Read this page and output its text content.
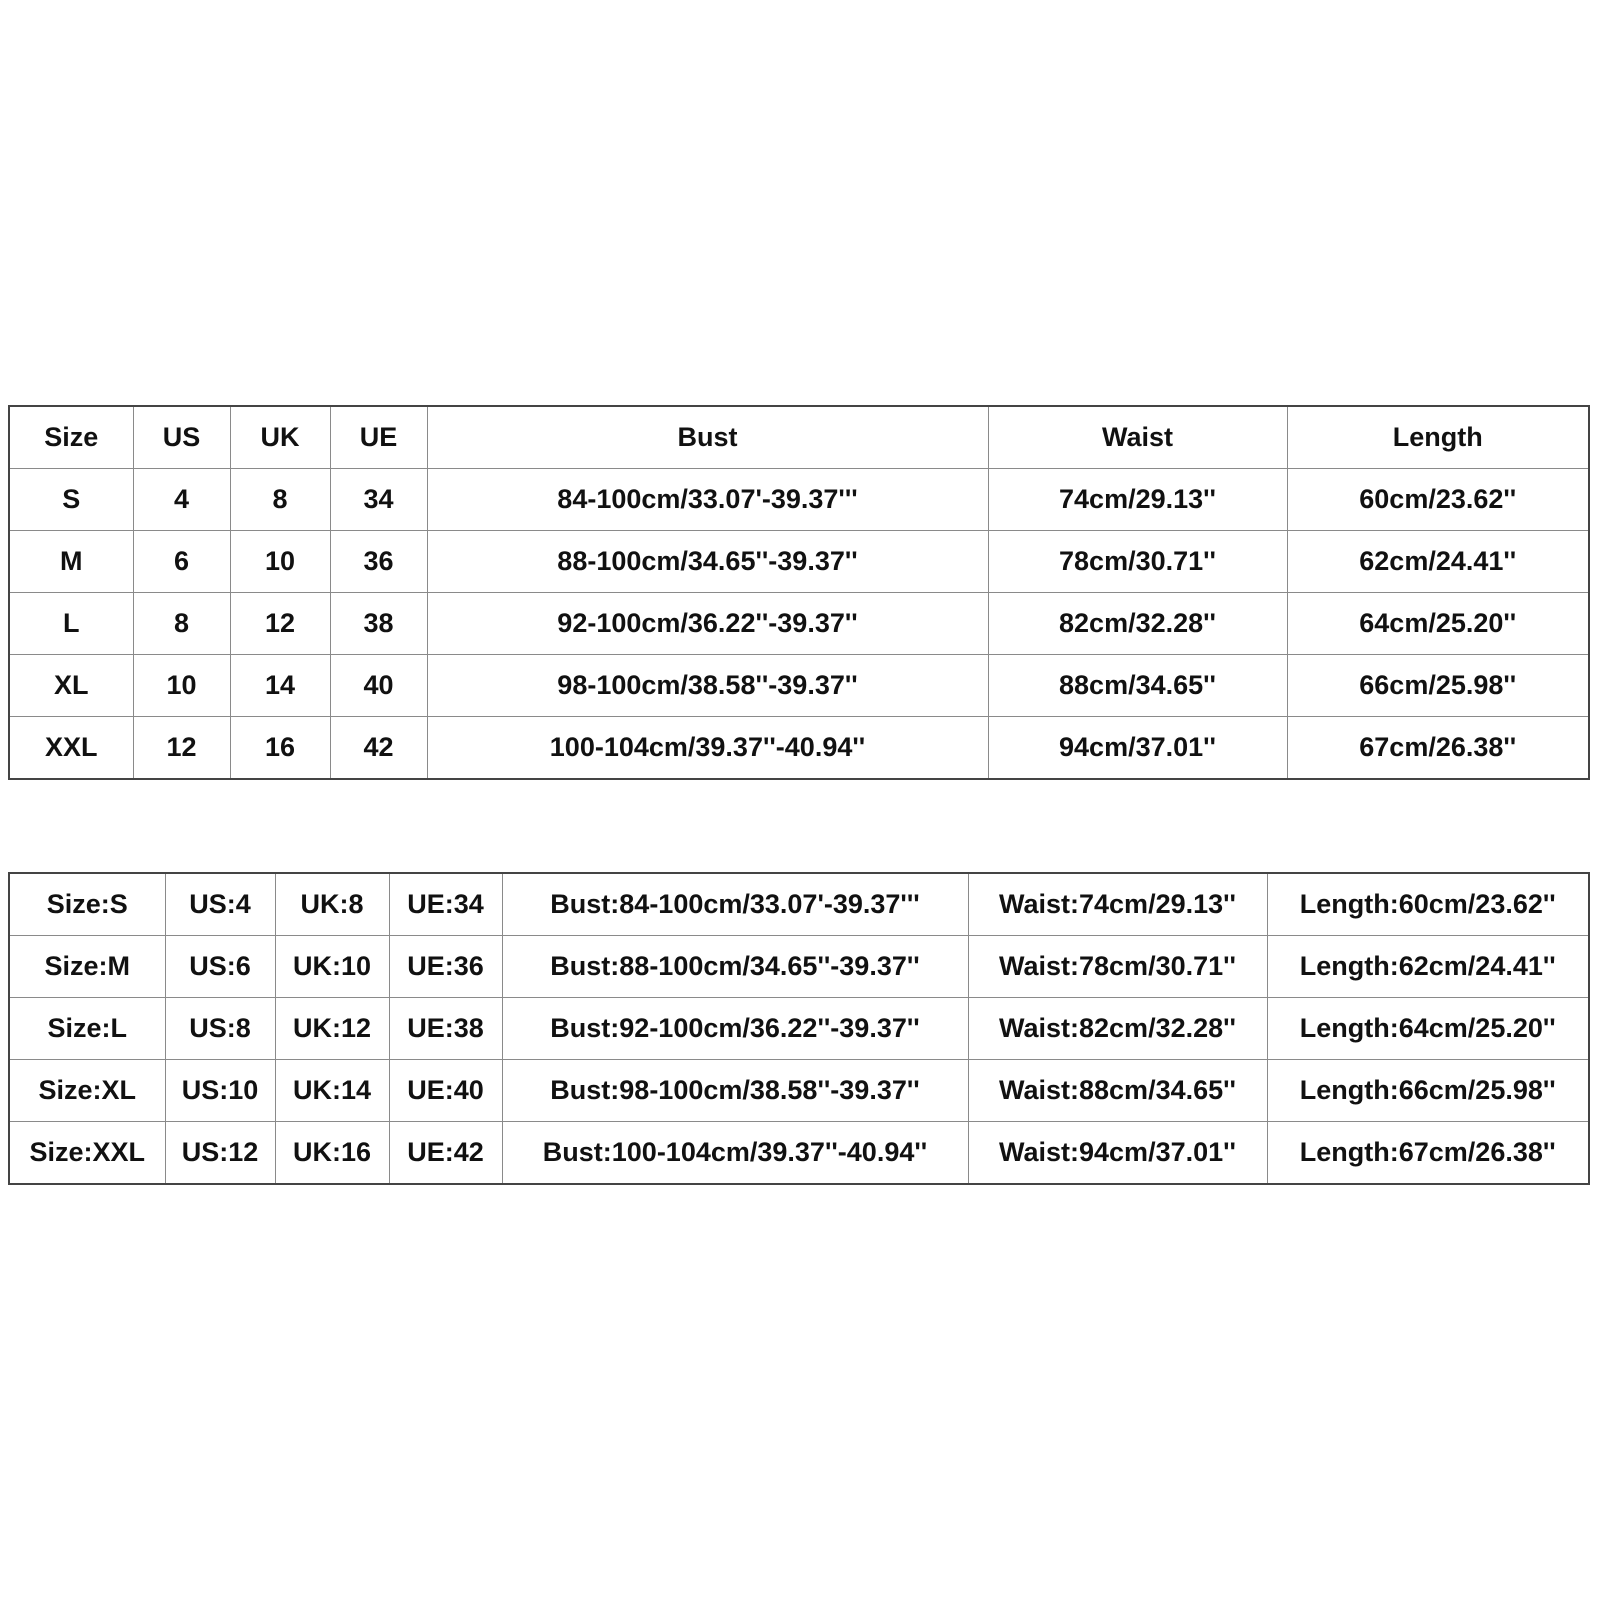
Size	US	UK	UE	Bust	Waist	Length
S	4	8	34	84-100cm/33.07'-39.37'''	74cm/29.13''	60cm/23.62''
M	6	10	36	88-100cm/34.65''-39.37''	78cm/30.71''	62cm/24.41''
L	8	12	38	92-100cm/36.22''-39.37''	82cm/32.28''	64cm/25.20''
XL	10	14	40	98-100cm/38.58''-39.37''	88cm/34.65''	66cm/25.98''
XXL	12	16	42	100-104cm/39.37''-40.94''	94cm/37.01''	67cm/26.38''
Size:S	US:4	UK:8	UE:34	Bust:84-100cm/33.07'-39.37'''	Waist:74cm/29.13''	Length:60cm/23.62''
Size:M	US:6	UK:10	UE:36	Bust:88-100cm/34.65''-39.37''	Waist:78cm/30.71''	Length:62cm/24.41''
Size:L	US:8	UK:12	UE:38	Bust:92-100cm/36.22''-39.37''	Waist:82cm/32.28''	Length:64cm/25.20''
Size:XL	US:10	UK:14	UE:40	Bust:98-100cm/38.58''-39.37''	Waist:88cm/34.65''	Length:66cm/25.98''
Size:XXL	US:12	UK:16	UE:42	Bust:100-104cm/39.37''-40.94''	Waist:94cm/37.01''	Length:67cm/26.38''
